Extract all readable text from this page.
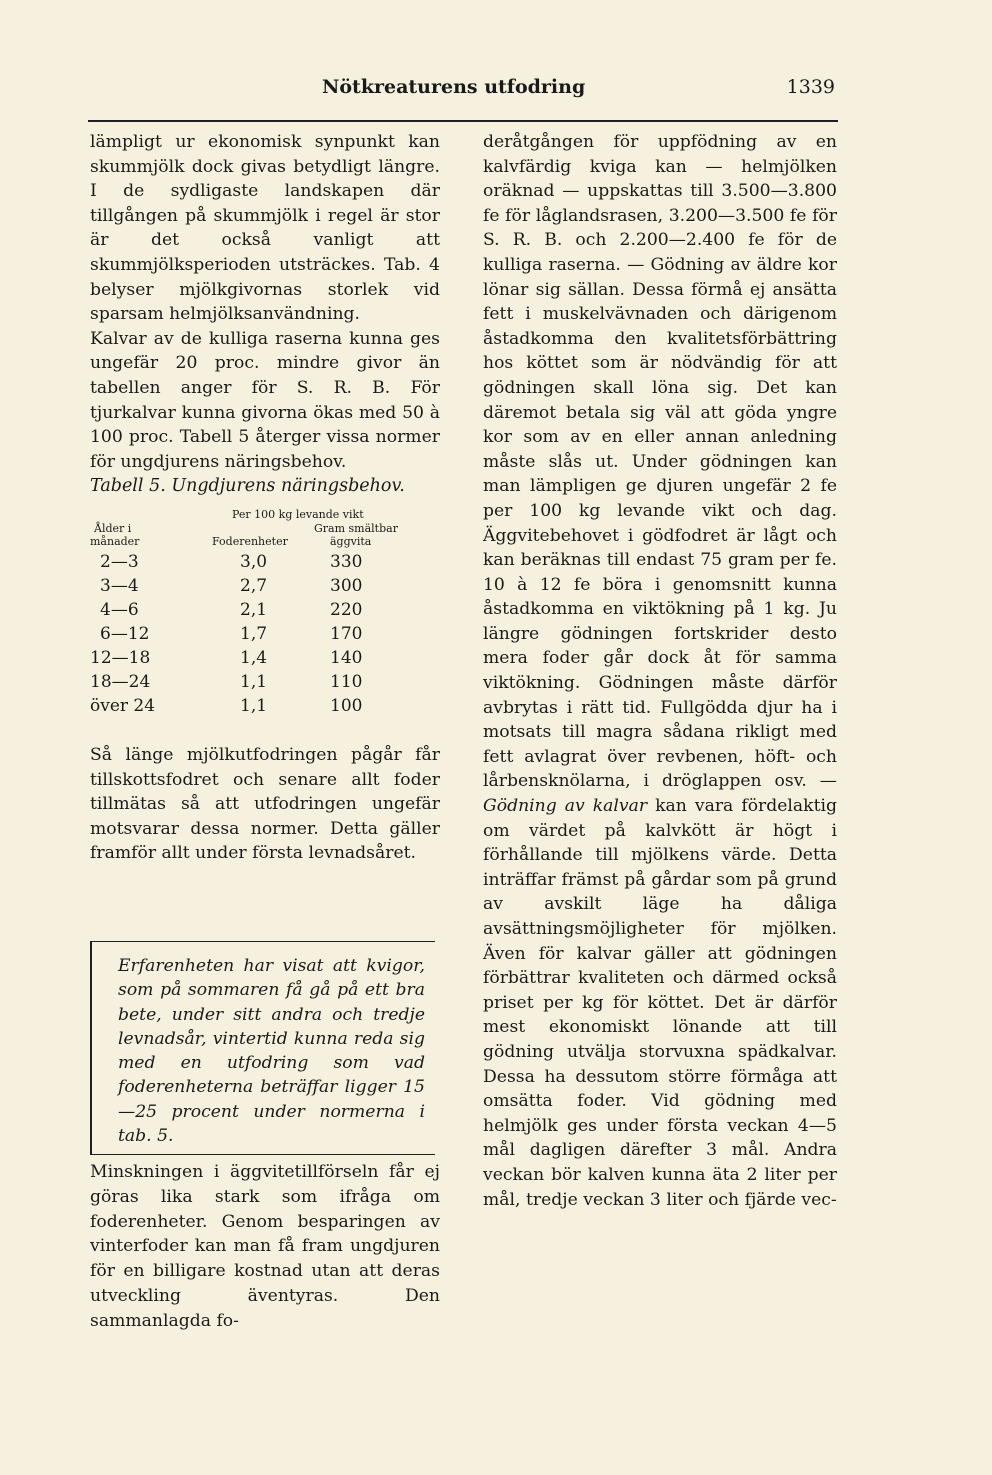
Nötkreaturens utfodring	1339

lämpligt ur ekonomisk synpunkt kan skummjölk dock givas betydligt längre. I de sydligaste landskapen där tillgången på skummjölk i regel är stor är det också vanligt att skummjölksperioden utsträckes. Tab. 4 belyser mjölkgivornas storlek vid sparsam helmjölksanvändning.

Kalvar av de kulliga raserna kunna ges ungefär 20 proc. mindre givor än tabellen anger för S. R. B. För tjurkalvar kunna givorna ökas med 50 à 100 proc. Tabell 5 återger vissa normer för ungdjurens näringsbehov.

Tabell 5. Ungdjurens näringsbehov.

Per 100 kg levande vikt
Ålder i
månader	Foderenheter
Gram smältbar
äggvita
2—3	3,0	330
3—4	2,7	300
4—6	2,1	220
6—12	1,7	170
12—18	1,4	140
18—24	1,1	110
över 24	1,1	100

Så länge mjölkutfodringen pågår får tillskottsfodret och senare allt foder tillmätas så att utfodringen ungefär motsvarar dessa normer. Detta gäller framför allt under första levnadsåret.

Erfarenheten har visat att kvigor, som på sommaren få gå på ett bra bete, under sitt andra och tredje levnadsår, vintertid kunna reda sig med en utfodring som vad foderenheterna beträffar ligger 15—25 procent under normerna i tab. 5.
Minskningen i äggvitetillförseln får ej göras lika stark som ifråga om foderenheter. Genom besparingen av vinterfoder kan man få fram ungdjuren för en billigare kostnad utan att deras utveckling äventyras. Den sammanlagda fo-

deråtgången för uppfödning av en kalvfärdig kviga kan — helmjölken oräknad — uppskattas till 3.500—3.800 fe för låglandsrasen, 3.200—3.500 fe för S. R. B. och 2.200—2.400 fe för de kulliga raserna. — Gödning av äldre kor lönar sig sällan. Dessa förmå ej ansätta fett i muskelvävnaden och därigenom åstadkomma den kvalitetsförbättring hos köttet som är nödvändig för att gödningen skall löna sig. Det kan däremot betala sig väl att göda yngre kor som av en eller annan anledning måste slås ut. Under gödningen kan man lämpligen ge djuren ungefär 2 fe per 100 kg levande vikt och dag. Äggvitebehovet i gödfodret är lågt och kan beräknas till endast 75 gram per fe. 10 à 12 fe böra i genomsnitt kunna åstadkomma en viktökning på 1 kg. Ju längre gödningen fortskrider desto mera foder går dock åt för samma viktökning. Gödningen måste därför avbrytas i rätt tid. Fullgödda djur ha i motsats till magra sådana rikligt med fett avlagrat över revbenen, höft- och lårbensknölarna, i dröglappen osv. — Gödning av kalvar kan vara fördelaktig om värdet på kalvkött är högt i förhållande till mjölkens värde. Detta inträffar främst på gårdar som på grund av avskilt läge ha dåliga avsättningsmöjligheter för mjölken. Även för kalvar gäller att gödningen förbättrar kvaliteten och därmed också priset per kg för köttet. Det är därför mest ekonomiskt lönande att till gödning utvälja storvuxna spädkalvar. Dessa ha dessutom större förmåga att omsätta foder. Vid gödning med helmjölk ges under första veckan 4—5 mål dagligen därefter 3 mål. Andra veckan bör kalven kunna äta 2 liter per mål, tredje veckan 3 liter och fjärde vec-
